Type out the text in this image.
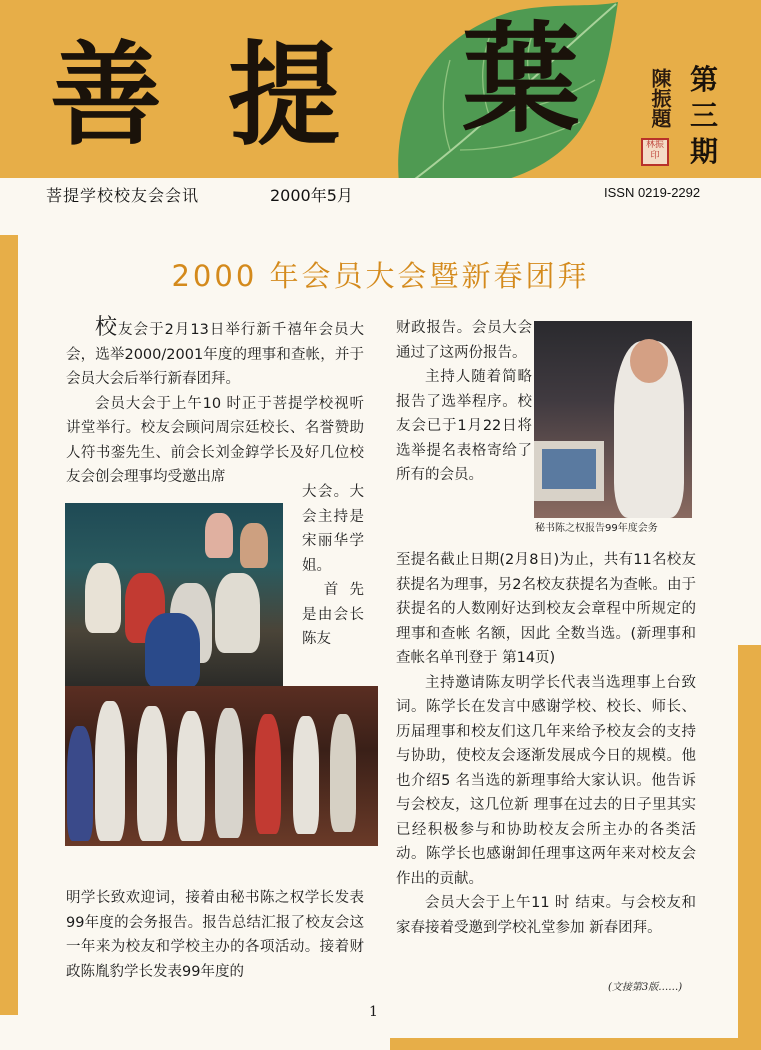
善 提 葉	陳振題
林振印
第三期
菩提学校校友会会讯	2000年5月	ISSN 0219-2292
2000 年会员大会暨新春团拜

校友会于2月13日举行新千禧年会员大会，选举2000/2001年度的理事和查帐，并于会员大会后举行新春团拜。

会员大会于上午10 时正于菩提学校视听讲堂举行。校友会顾问周宗廷校长、名誉赞助人符书銮先生、前会长刘金錞学长及好几位校友会创会理事均受邀出席

大会。大会主持是宋丽华学姐。

首先是由会长陈友

秘书陈之权报告99年度会务

财政报告。会员大会通过了这两份报告。

主持人随着简略报告了选举程序。校友会已于1月22日将选举提名表格寄给了所有的会员。

至提名截止日期(2月8日)为止，共有11名校友获提名为理事，另2名校友获提名为查帐。由于获提名的人数刚好达到校友会章程中所规定的理事和查帐 名额，因此 全数当选。(新理事和查帐名单刊登于 第14页)

主持邀请陈友明学长代表当选理事上台致词。陈学长在发言中感谢学校、校长、师长、历届理事和校友们这几年来给予校友会的支持与协助，使校友会逐渐发展成今日的规模。他也介绍5 名当选的新理事给大家认识。他告诉与会校友，这几位新 理事在过去的日子里其实已经积极参与和协助校友会所主办的各类活动。陈学长也感谢卸任理事这两年来对校友会作出的贡献。

会员大会于上午11 时 结束。与会校友和家春接着受邀到学校礼堂参加 新春团拜。

明学长致欢迎词，接着由秘书陈之权学长发表99年度的会务报告。报告总结汇报了校友会这一年来为校友和学校主办的各项活动。接着财政陈胤豹学长发表99年度的

(文接第3版……)
1
